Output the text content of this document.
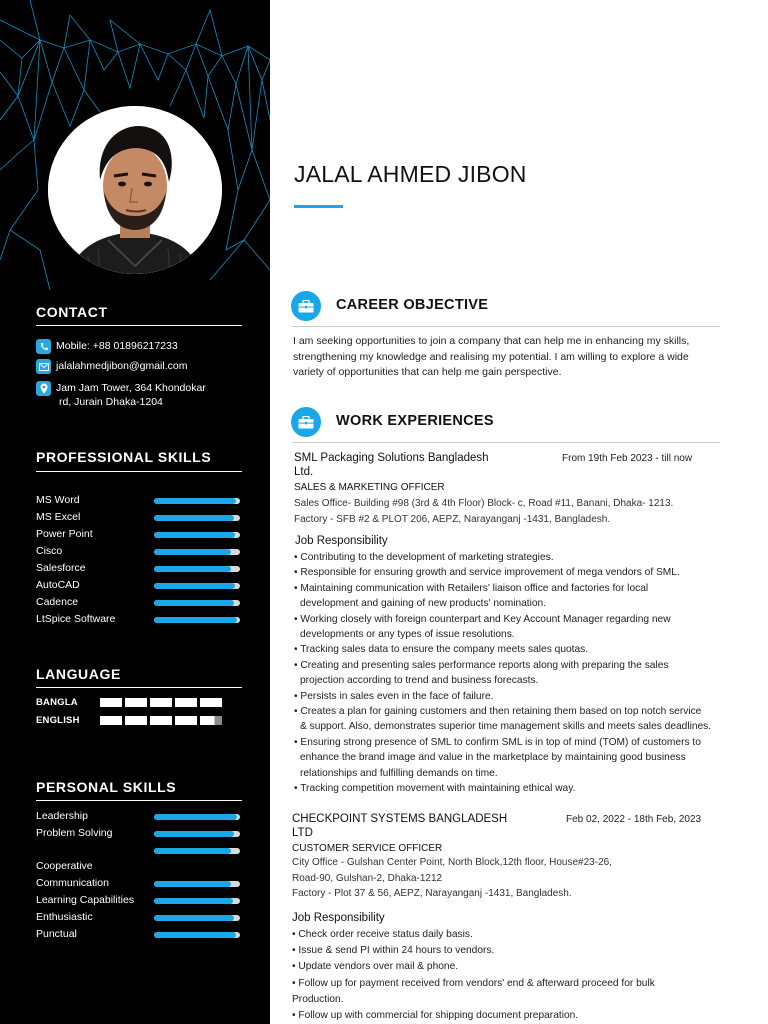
CONTACT
Mobile: +88 01896217233
jalalahmedjibon@gmail.com
Jam Jam Tower, 364 Khondokar
rd, Jurain Dhaka-1204
PROFESSIONAL SKILLS
MS Word
MS Excel
Power Point
Cisco
Salesforce
AutoCAD
Cadence
LtSpice Software
LANGUAGE
BANGLA
ENGLISH
PERSONAL SKILLS
Leadership
Problem Solving
Cooperative
Communication
Learning Capabilities
Enthusiastic
Punctual
JALAL AHMED JIBON
CAREER OBJECTIVE
I am seeking opportunities to join a company that can help me in enhancing my skills,
strengthening my knowledge and realising my potential. I am willing to explore a wide
variety of opportunities that can help me gain perspective.
WORK EXPERIENCES
SML Packaging Solutions Bangladesh
Ltd.
From 19th Feb 2023 - till now
SALES & MARKETING OFFICER
Sales Office- Building #98 (3rd & 4th Floor) Block- c, Road #11, Banani, Dhaka- 1213.
Factory - SFB #2 & PLOT 206, AEPZ, Narayanganj -1431, Bangladesh.
Job Responsibility
• Contributing to the development of marketing strategies.
• Responsible for ensuring growth and service improvement of mega vendors of SML.
• Maintaining communication with Retailers' liaison office and factories for local
development and gaining of new products' nomination.
• Working closely with foreign counterpart and Key Account Manager regarding new
developments or any types of issue resolutions.
• Tracking sales data to ensure the company meets sales quotas.
• Creating and presenting sales performance reports along with preparing the sales
projection according to trend and business forecasts.
• Persists in sales even in the face of failure.
• Creates a plan for gaining customers and then retaining them based on top notch service
& support. Also, demonstrates superior time management skills and meets sales deadlines.
• Ensuring strong presence of SML to confirm SML is in top of mind (TOM) of customers to
enhance the brand image and value in the marketplace by maintaining good business
relationships and fulfilling demands on time.
• Tracking competition movement with maintaining ethical way.
CHECKPOINT SYSTEMS BANGLADESH
LTD
Feb 02, 2022 - 18th Feb, 2023
CUSTOMER SERVICE OFFICER
City Office - Gulshan Center Point, North Block,12th floor, House#23-26,
Road-90, Gulshan-2, Dhaka-1212
Factory - Plot 37 & 56, AEPZ, Narayanganj -1431, Bangladesh.
Job Responsibility
• Check order receive status daily basis.
• Issue & send PI within 24 hours to vendors.
• Update vendors over mail & phone.
• Follow up for payment received from vendors' end & afterward proceed for bulk
Production.
• Follow up with commercial for shipping document preparation.
